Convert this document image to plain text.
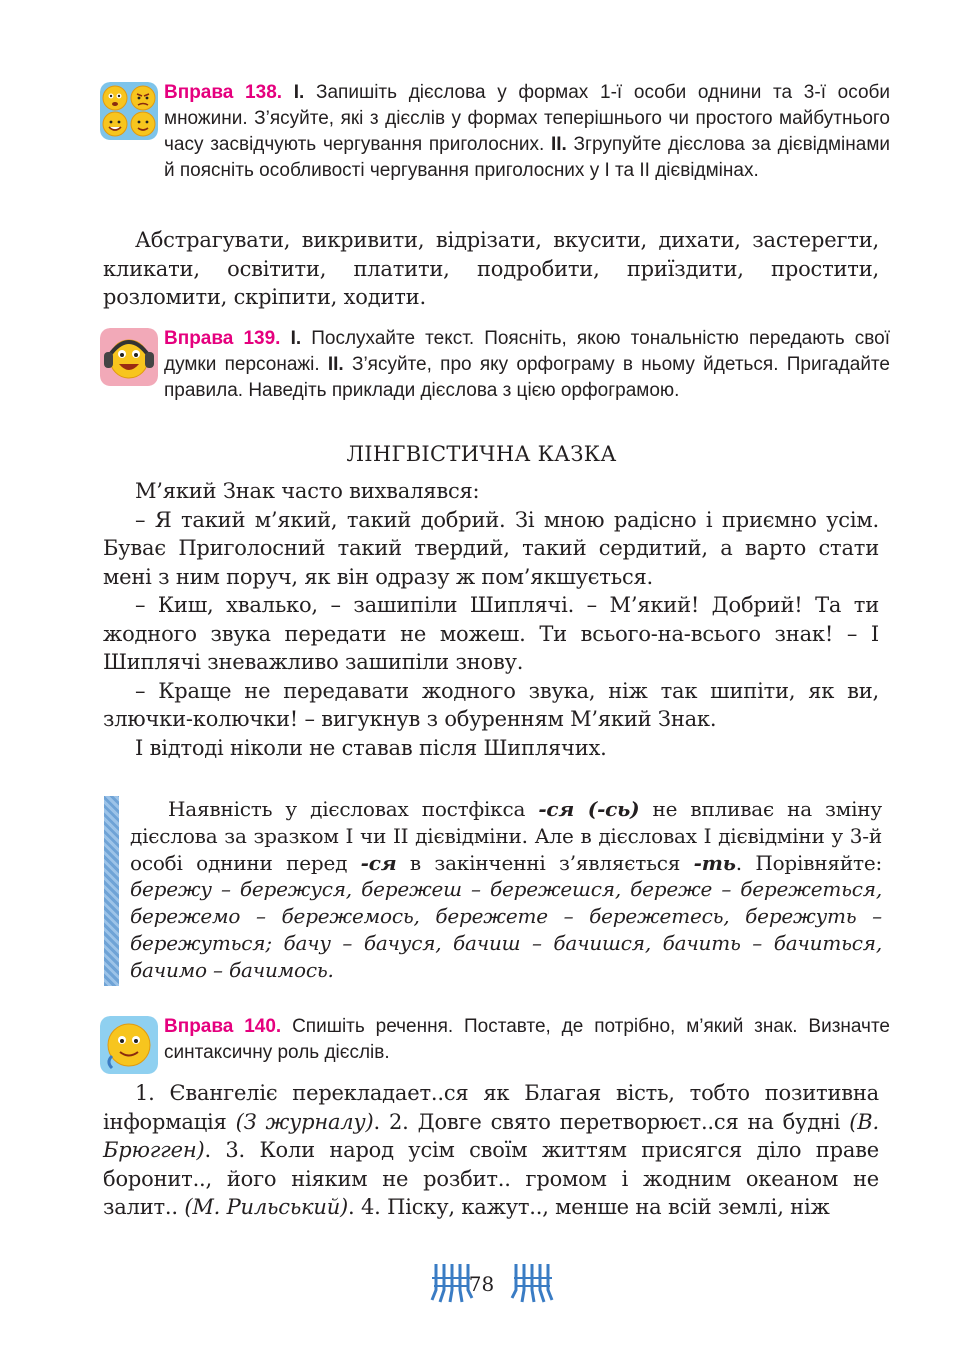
Вправа 138. І. Запишіть дієслова у формах 1-ї особи однини та 3-ї особи множини. З’ясуйте, які з дієслів у формах теперішнього чи простого майбутнього часу засвідчують чергування приголосних. ІІ. Згрупуйте дієслова за дієвідмінами й поясніть особливості чергування приголосних у І та ІІ дієвідмінах.

Абстрагувати, викривити, відрізати, вкусити, дихати, застерегти, кликати, освітити, платити, подробити, приїздити, простити, розломити, скріпити, ходити.

Вправа 139. І. Послухайте текст. Поясніть, якою тональністю передають свої думки персонажі. ІІ. З’ясуйте, про яку орфограму в ньому йдеться. Пригадайте правила. Наведіть приклади дієслова з цією орфограмою.
ЛІНГВІСТИЧНА КАЗКА

М’який Знак часто вихвалявся:

– Я такий м’який, такий добрий. Зі мною радісно і приємно усім. Буває Приголосний такий твердий, такий сердитий, а варто стати мені з ним поруч, як він одразу ж пом’якшується.

– Киш, хвалько, – зашипіли Шиплячі. – М’який! Добрий! Та ти жодного звука передати не можеш. Ти всього-на-всього знак! – І Шиплячі зневажливо зашипіли знову.

– Краще не передавати жодного звука, ніж так шипіти, як ви, злючки-колючки! – вигукнув з обуренням М’який Знак.

І відтоді ніколи не ставав після Шиплячих.

Наявність у дієсловах постфікса -ся (-сь) не впливає на зміну дієслова за зразком І чи ІІ дієвідміни. Але в дієсловах І дієвідміни у 3-й особі однини перед -ся в закінченні з’являється -ть. Порівняйте: бережу – бережуся, бережеш – бережешся, береже – бережеться, бережемо – бережемось, бережете – бережетесь, бережуть – бережуться; бачу – бачуся, бачиш – бачишся, бачить – бачиться, бачимо – бачимось.

Вправа 140. Спишіть речення. Поставте, де потрібно, м’який знак. Визначте синтаксичну роль дієслів.

1. Євангеліє перекладает..ся як Благая вість, тобто позитивна інформація (З журналу). 2. Довге свято перетворюєт..ся на будні (В. Брюгген). 3. Коли народ усім своїм життям присягся діло праве боронит.., його ніяким не розбит.. громом і жодним океаном не залит.. (М. Рильський). 4. Піску, кажут.., менше на всій землі, ніж

78
